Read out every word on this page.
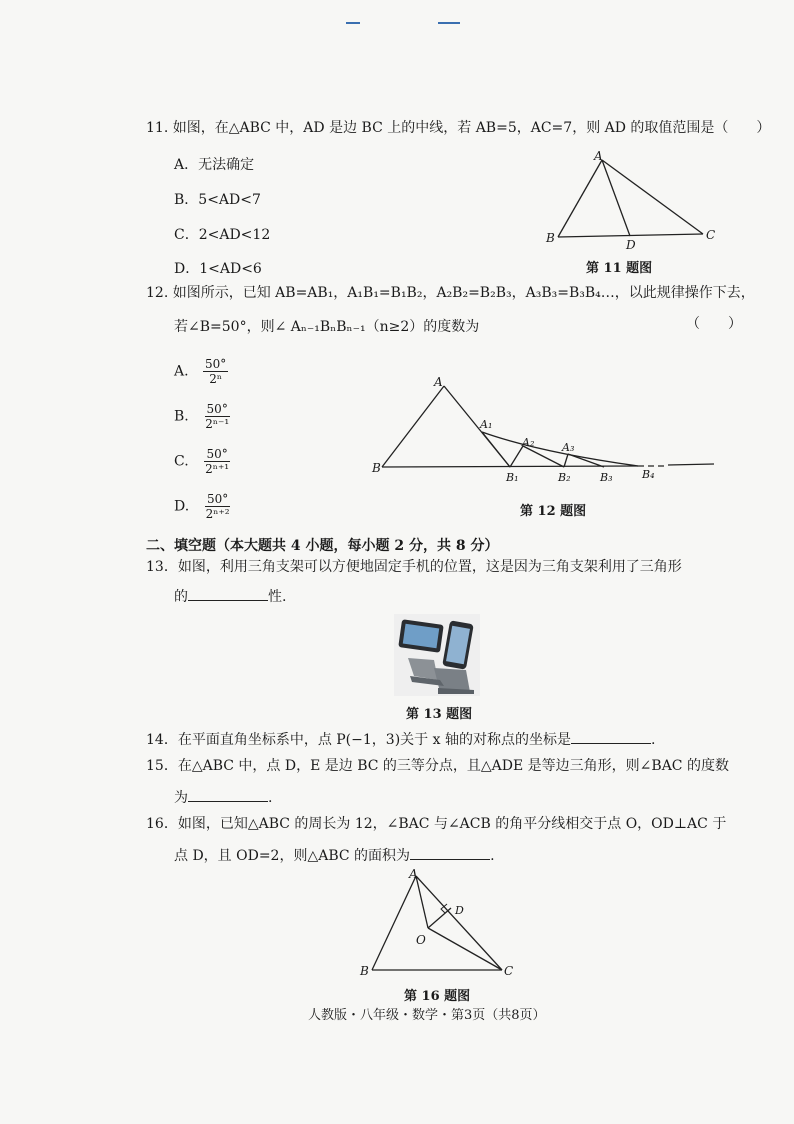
11. 如图，在△ABC 中，AD 是边 BC 上的中线，若 AB=5，AC=7，则 AD 的取值范围是（　　）
A．无法确定
B．5<AD<7
C．2<AD<12
D．1<AD<6
A
B	C
D
第 11 题图
12. 如图所示，已知 AB=AB₁，A₁B₁=B₁B₂，A₂B₂=B₂B₃，A₃B₃=B₃B₄…，以此规律操作下去，
若∠B=50°，则∠ Aₙ₋₁BₙBₙ₋₁（n≥2）的度数为	（　　）
A. $\frac{50^\circ}{\text{2ⁿ}}$
B. $\frac{50^\circ}{\text{2ⁿ⁻¹}}$
C. $\frac{50^\circ}{\text{2ⁿ⁺¹}}$
D. $\frac{50^\circ}{\text{2ⁿ⁺²}}$
A
A₁
A₂	A₃
B
B₁	B₂	B₃	B₄
第 12 题图
二、填空题（本大题共 4 小题，每小题 2 分，共 8 分）
13．如图，利用三角支架可以方便地固定手机的位置，这是因为三角支架利用了三角形
的	性.
第 13 题图
14．在平面直角坐标系中，点 P(−1，3)关于 x 轴的对称点的坐标是	.
15．在△ABC 中，点 D，E 是边 BC 的三等分点，且△ADE 是等边三角形，则∠BAC 的度数
为	.
16．如图，已知△ABC 的周长为 12，∠BAC 与∠ACB 的角平分线相交于点 O，OD⊥AC 于
点 D，且 OD=2，则△ABC 的面积为	.
A
B	C
D
O
第 16 题图
人教版・八年级・数学・第3页（共8页）
